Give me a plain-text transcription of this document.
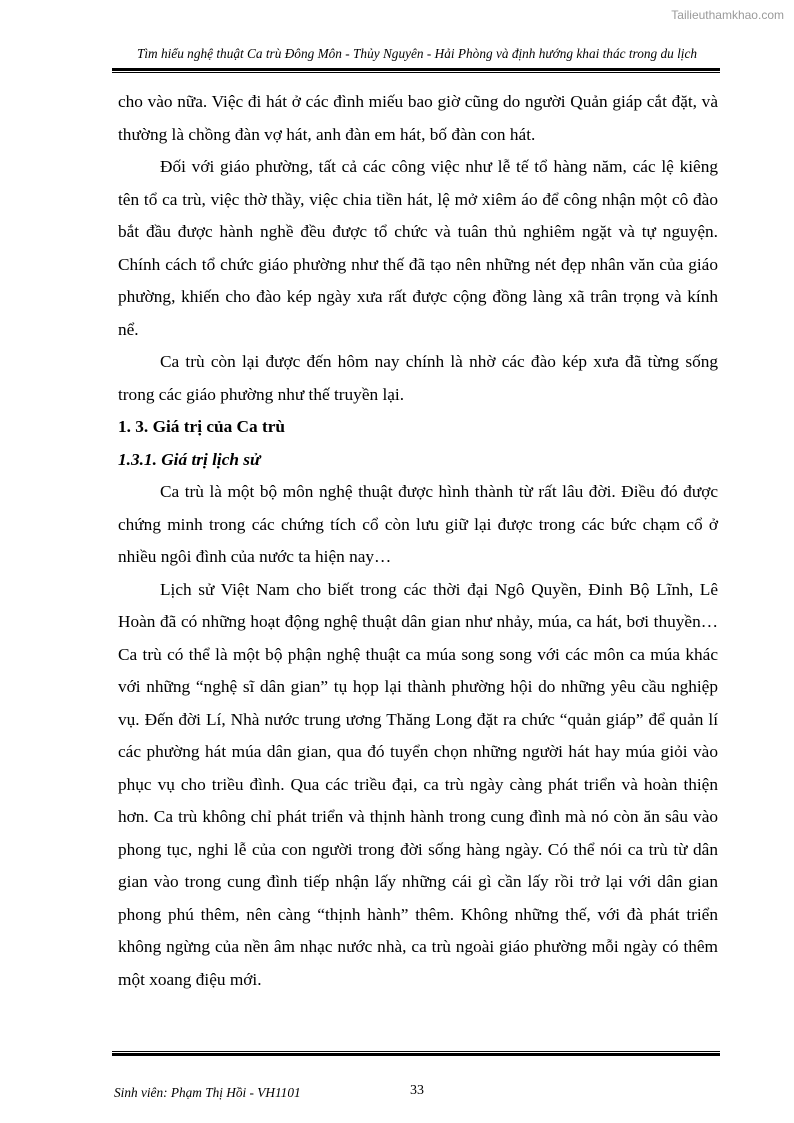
Tailieuthamkhao.com
Tìm hiểu nghệ thuật Ca trù Đông Môn - Thủy Nguyên - Hải Phòng và định hướng khai thác trong du lịch

cho vào nữa. Việc đi hát ở các đình miếu bao giờ cũng do người Quản giáp cắt đặt, và thường là chồng đàn vợ hát, anh đàn em hát, bố đàn con hát.

Đối với giáo phường, tất cả các công việc như lễ tế tổ hàng năm, các lệ kiêng tên tổ ca trù, việc thờ thầy, việc chia tiền hát, lệ mở xiêm áo để công nhận một cô đào bắt đầu được hành nghề đều được tổ chức và tuân thủ nghiêm ngặt và tự nguyện. Chính cách tổ chức giáo phường như thế đã tạo nên những nét đẹp nhân văn của giáo phường, khiến cho đào kép ngày xưa rất được cộng đồng làng xã trân trọng và kính nể.

Ca trù còn lại được đến hôm nay chính là nhờ các đào kép xưa đã từng sống trong các giáo phường như thế truyền lại.

1. 3. Giá trị của Ca trù
1.3.1. Giá trị lịch sử

Ca trù là một bộ môn nghệ thuật được hình thành từ rất lâu đời. Điều đó được chứng minh trong các chứng tích cổ còn lưu giữ lại được trong các bức chạm cổ ở nhiều ngôi đình của nước ta hiện nay…

Lịch sử Việt Nam cho biết trong các thời đại Ngô Quyền, Đinh Bộ Lĩnh, Lê Hoàn đã có những hoạt động nghệ thuật dân gian như nhảy, múa, ca hát, bơi thuyền… Ca trù có thể là một bộ phận nghệ thuật ca múa song song với các môn ca múa khác với những “nghệ sĩ dân gian” tụ họp lại thành phường hội do những yêu cầu nghiệp vụ. Đến đời Lí, Nhà nước trung ương Thăng Long đặt ra chức “quản giáp” để quản lí các phường hát múa dân gian, qua đó tuyển chọn những người hát hay múa giỏi vào phục vụ cho triều đình. Qua các triều đại, ca trù ngày càng phát triển và hoàn thiện hơn. Ca trù không chỉ phát triển và thịnh hành trong cung đình mà nó còn ăn sâu vào phong tục, nghi lễ của con người trong đời sống hàng ngày. Có thể nói ca trù từ dân gian vào trong cung đình tiếp nhận lấy những cái gì cần lấy rồi trở lại với dân gian phong phú thêm, nên càng “thịnh hành” thêm. Không những thế, với đà phát triển không ngừng của nền âm nhạc nước nhà, ca trù ngoài giáo phường mỗi ngày có thêm một xoang điệu mới.

Sinh viên: Phạm Thị Hồi - VH1101	33
